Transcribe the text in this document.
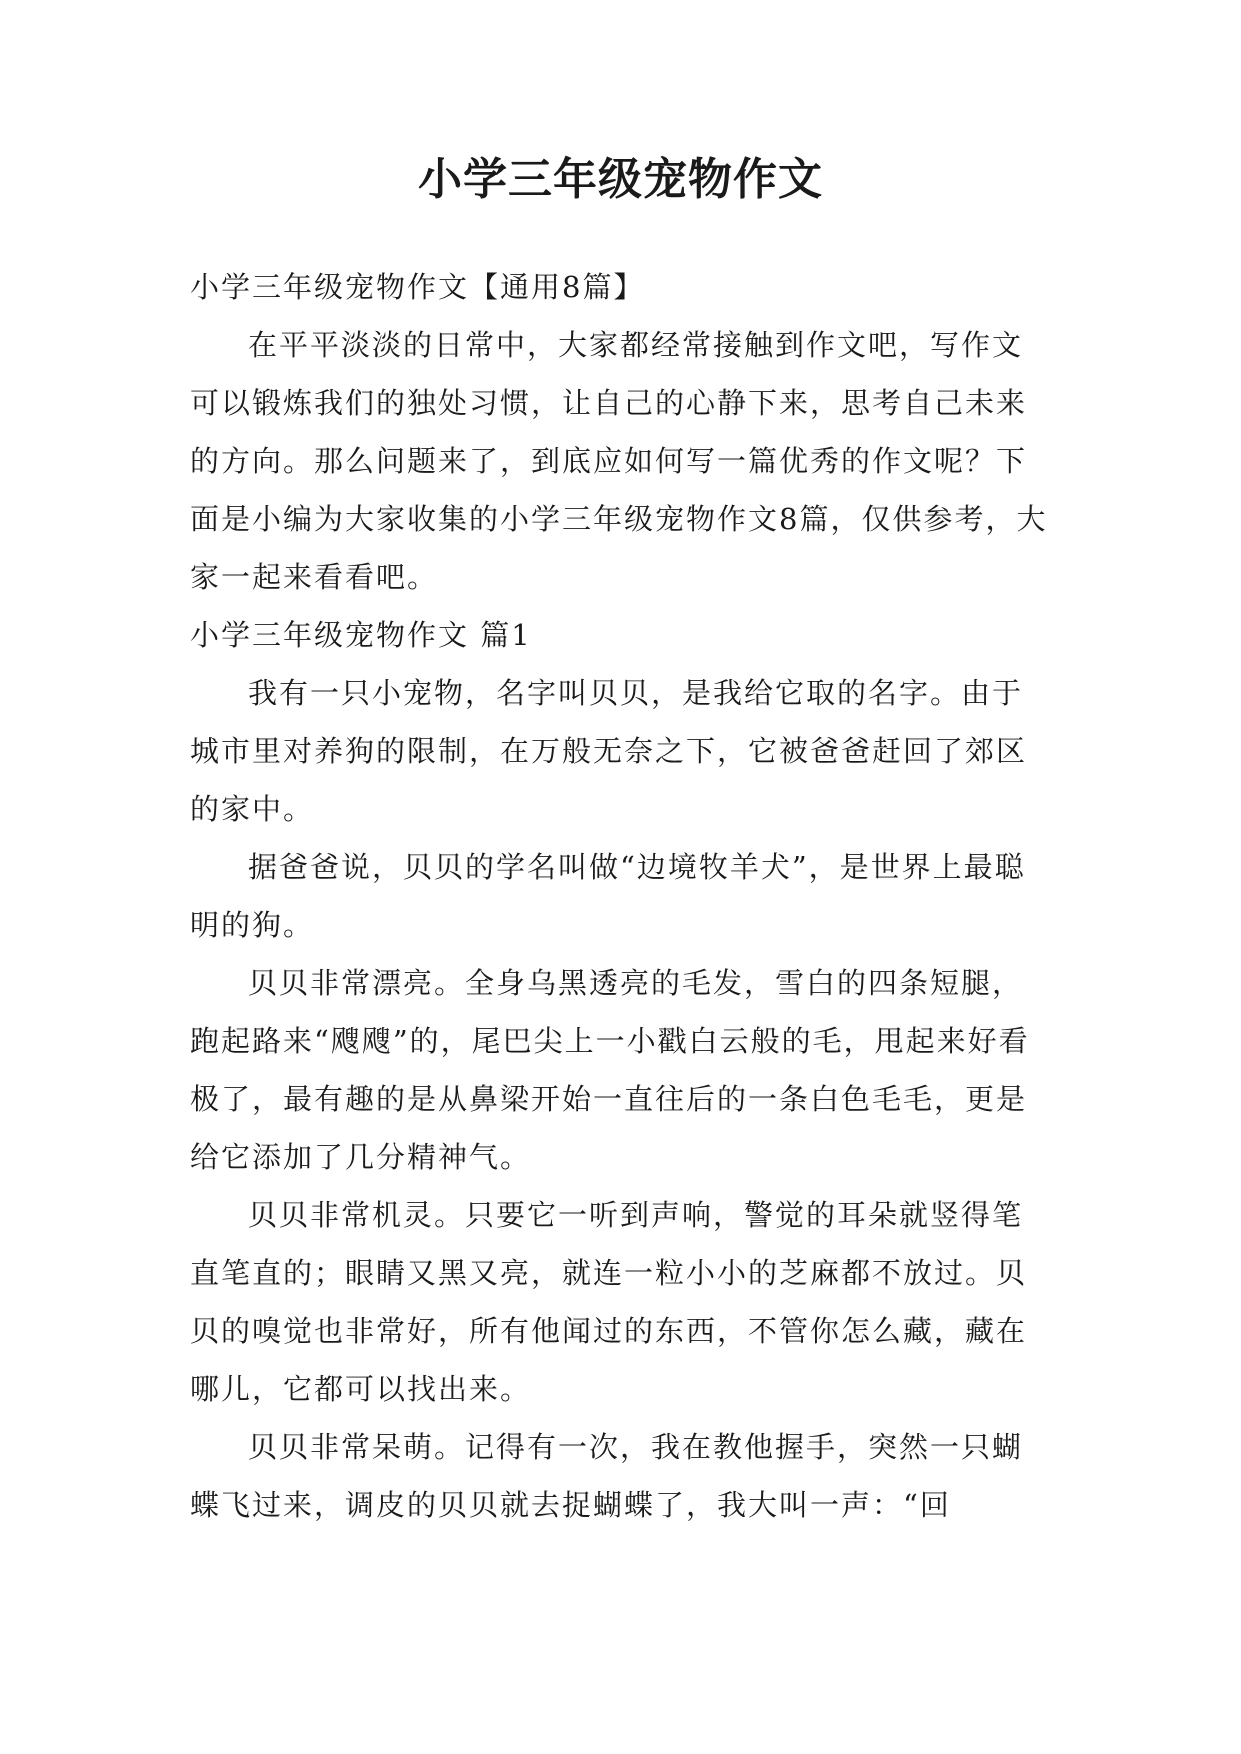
小学三年级宠物作文

小学三年级宠物作文【通用8篇】

在平平淡淡的日常中，大家都经常接触到作文吧，写作文可以锻炼我们的独处习惯，让自己的心静下来，思考自己未来的方向。那么问题来了，到底应如何写一篇优秀的作文呢？下面是小编为大家收集的小学三年级宠物作文8篇，仅供参考，大家一起来看看吧。

小学三年级宠物作文 篇1

我有一只小宠物，名字叫贝贝，是我给它取的名字。由于城市里对养狗的限制，在万般无奈之下，它被爸爸赶回了郊区的家中。

据爸爸说，贝贝的学名叫做“边境牧羊犬”，是世界上最聪明的狗。

贝贝非常漂亮。全身乌黑透亮的毛发，雪白的四条短腿，跑起路来“飕飕”的，尾巴尖上一小戳白云般的毛，甩起来好看极了，最有趣的是从鼻梁开始一直往后的一条白色毛毛，更是给它添加了几分精神气。

贝贝非常机灵。只要它一听到声响，警觉的耳朵就竖得笔直笔直的；眼睛又黑又亮，就连一粒小小的芝麻都不放过。贝贝的嗅觉也非常好，所有他闻过的东西，不管你怎么藏，藏在哪儿，它都可以找出来。

贝贝非常呆萌。记得有一次，我在教他握手，突然一只蝴蝶飞过来，调皮的贝贝就去捉蝴蝶了，我大叫一声：“回
